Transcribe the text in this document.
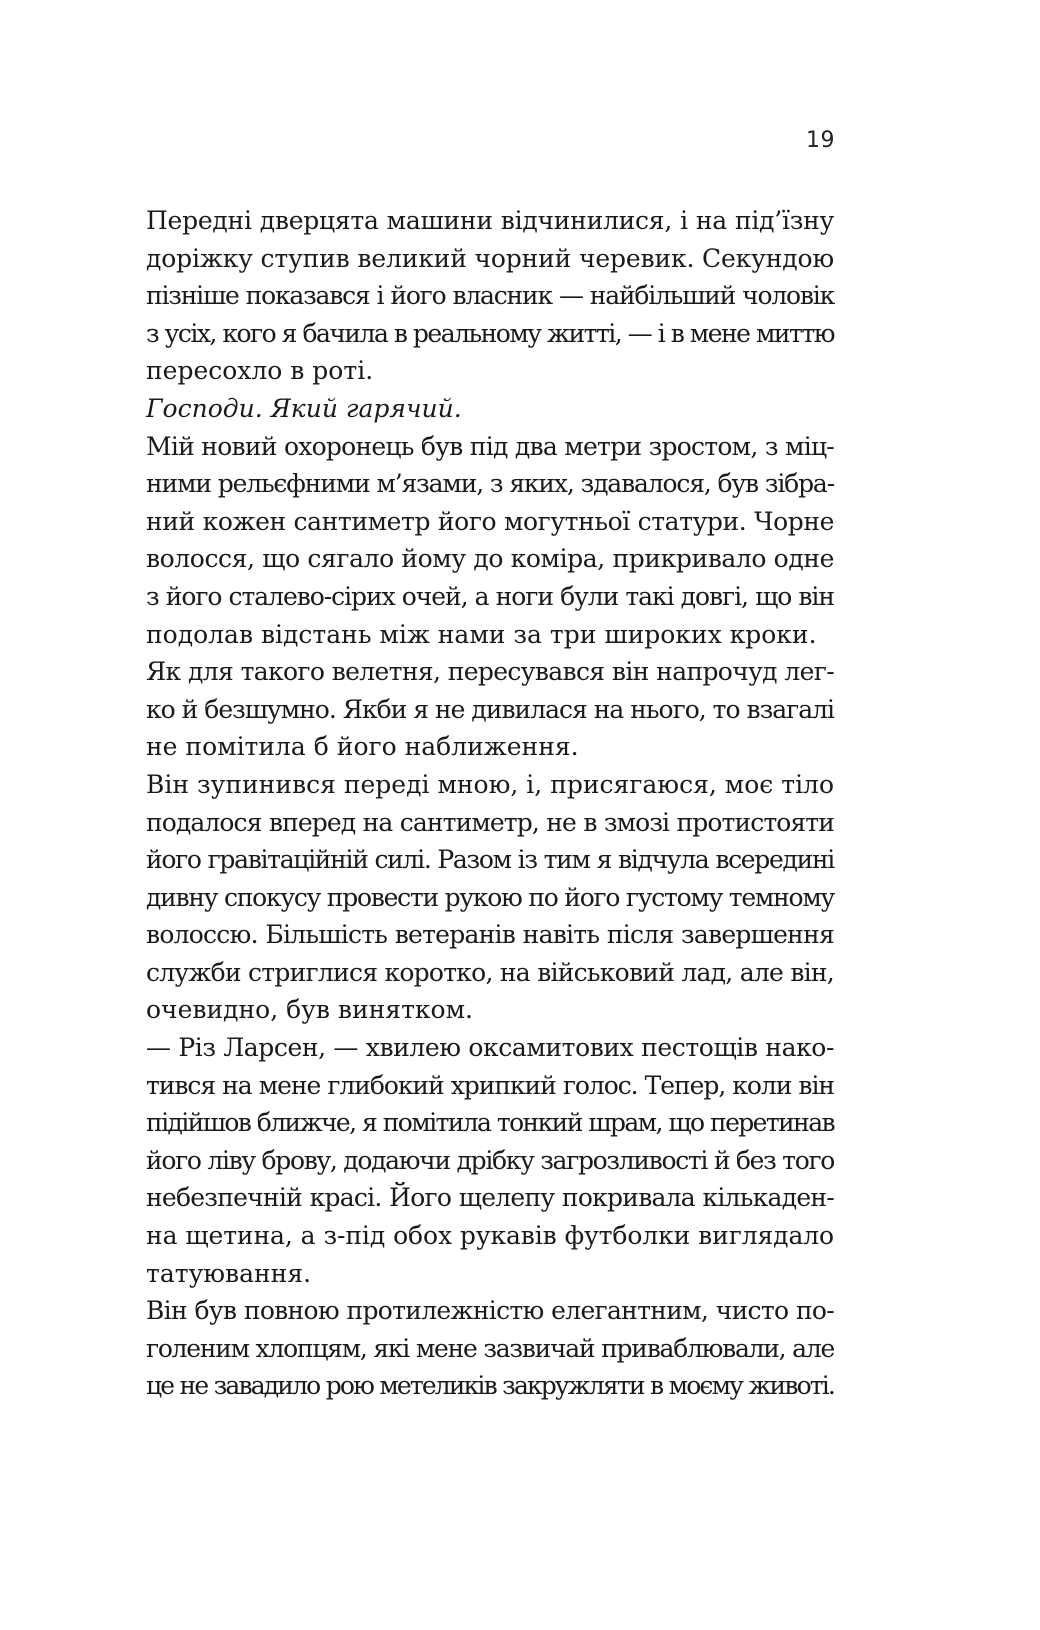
19
Передні дверцята машини відчинилися, і на під’їзну
доріжку ступив великий чорний черевик. Секундою
пізніше показався і його власник — найбільший чоловік
з усіх, кого я бачила в реальному житті, — і в мене миттю
пересохло в роті.
Господи. Який гарячий.
Мій новий охоронець був під два метри зростом, з міц-
ними рельєфними м’язами, з яких, здавалося, був зібра-
ний кожен сантиметр його могутньої статури. Чорне
волосся, що сягало йому до коміра, прикривало одне
з його сталево-сірих очей, а ноги були такі довгі, що він
подолав відстань між нами за три широких кроки.
Як для такого велетня, пересувався він напрочуд лег-
ко й безшумно. Якби я не дивилася на нього, то взагалі
не помітила б його наближення.
Він зупинився переді мною, і, присягаюся, моє тіло
подалося вперед на сантиметр, не в змозі протистояти
його гравітаційній силі. Разом із тим я відчула всередині
дивну спокусу провести рукою по його густому темному
волоссю. Більшість ветеранів навіть після завершення
служби стриглися коротко, на військовий лад, але він,
очевидно, був винятком.
— Різ Ларсен, — хвилею оксамитових пестощів нако-
тився на мене глибокий хрипкий голос. Тепер, коли він
підійшов ближче, я помітила тонкий шрам, що перетинав
його ліву брову, додаючи дрібку загрозливості й без того
небезпечній красі. Його щелепу покривала кількаден-
на щетина, а з-під обох рукавів футболки виглядало
татуювання.
Він був повною протилежністю елегантним, чисто по-
голеним хлопцям, які мене зазвичай приваблювали, але
це не завадило рою метеликів закружляти в моєму животі.
